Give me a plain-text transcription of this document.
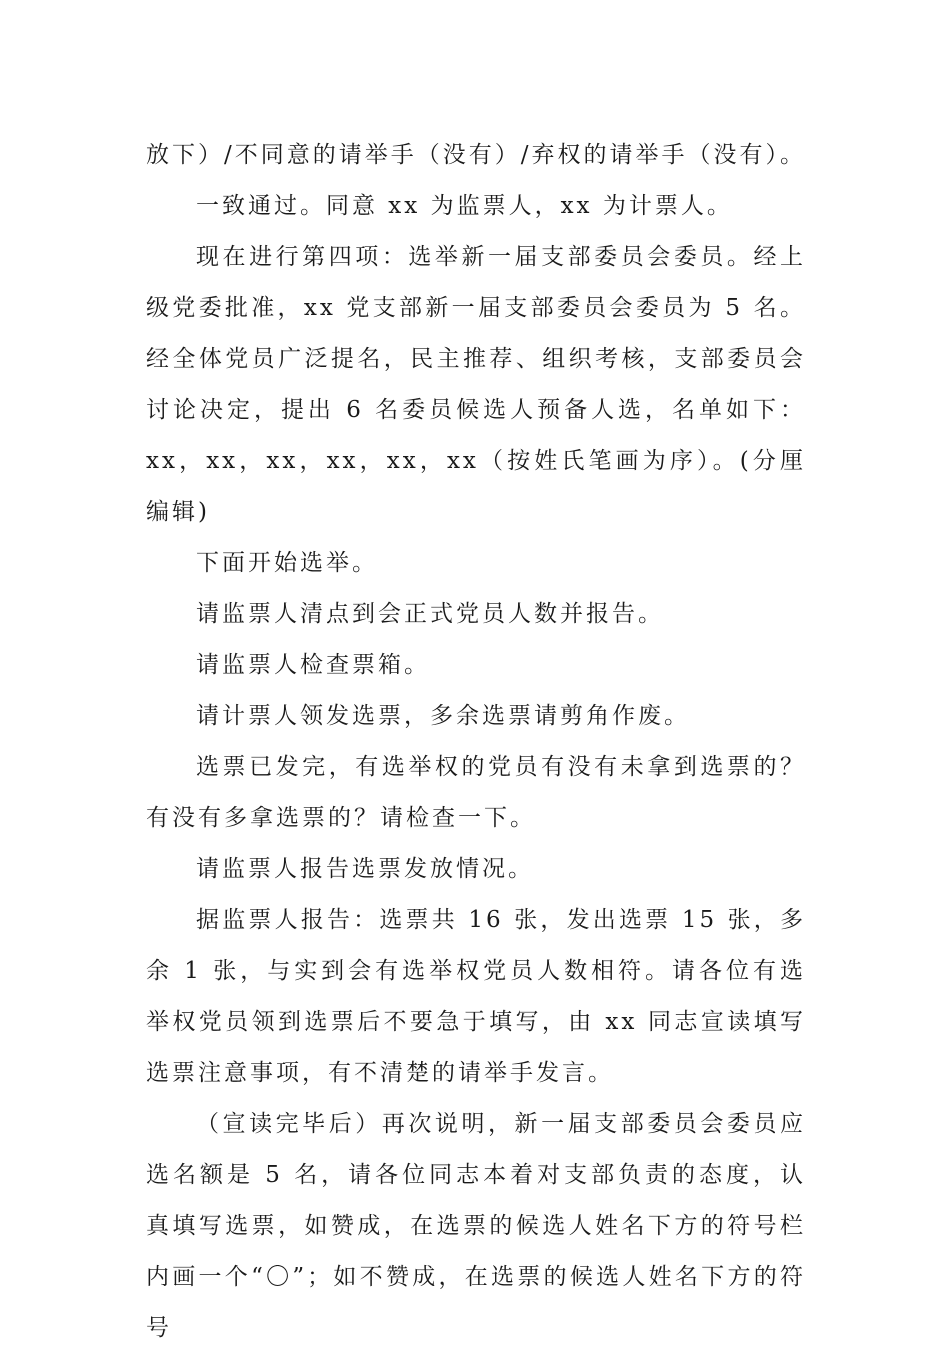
放下）/不同意的请举手（没有）/弃权的请举手（没有）。

一致通过。同意 xx 为监票人，xx 为计票人。

现在进行第四项：选举新一届支部委员会委员。经上级党委批准，xx 党支部新一届支部委员会委员为 5 名。经全体党员广泛提名，民主推荐、组织考核，支部委员会讨论决定，提出 6 名委员候选人预备人选，名单如下：xx，xx，xx，xx，xx，xx（按姓氏笔画为序）。(分厘 编辑)

下面开始选举。

请监票人清点到会正式党员人数并报告。

请监票人检查票箱。

请计票人领发选票，多余选票请剪角作废。

选票已发完，有选举权的党员有没有未拿到选票的？有没有多拿选票的？请检查一下。

请监票人报告选票发放情况。

据监票人报告：选票共 16 张，发出选票 15 张，多余 1 张，与实到会有选举权党员人数相符。请各位有选举权党员领到选票后不要急于填写，由 xx 同志宣读填写选票注意事项，有不清楚的请举手发言。

（宣读完毕后）再次说明，新一届支部委员会委员应选名额是 5 名，请各位同志本着对支部负责的态度，认真填写选票，如赞成，在选票的候选人姓名下方的符号栏内画一个“〇”；如不赞成，在选票的候选人姓名下方的符号
